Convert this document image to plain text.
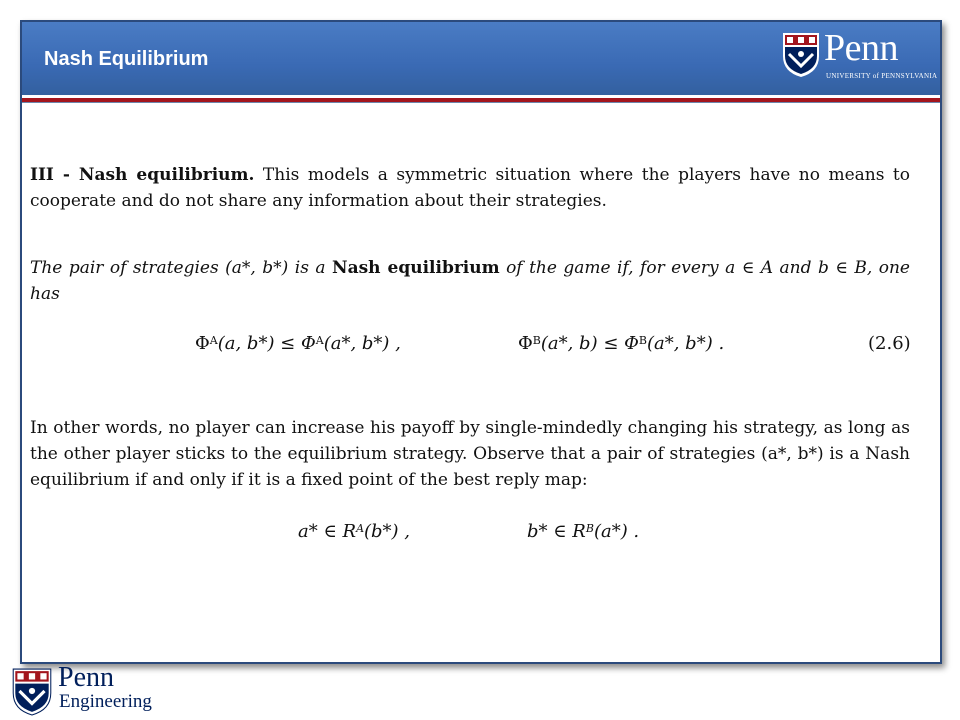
Nash Equilibrium	Penn
UNIVERSITY of PENNSYLVANIA
III - Nash equilibrium. This models a symmetric situation where the players have no means to cooperate and do not share any information about their strategies.
The pair of strategies (a*, b*) is a Nash equilibrium of the game if, for every a ∈ A and b ∈ B, one has
$\Phi^A(a$, $b*) \le \Phi^A(a*$, b*) ,	$\Phi^B(a*$, $b) \le \Phi^B(a*$, b*) .	(2.6)
In other words, no player can increase his payoff by single-mindedly changing his strategy, as long as the other player sticks to the equilibrium strategy. Observe that a pair of strategies (a*, b*) is a Nash equilibrium if and only if it is a fixed point of the best reply map:
a* ∈ $R^A(b*)$ ,	b* ∈ $R^B(a*)$ .
Penn
Engineering
